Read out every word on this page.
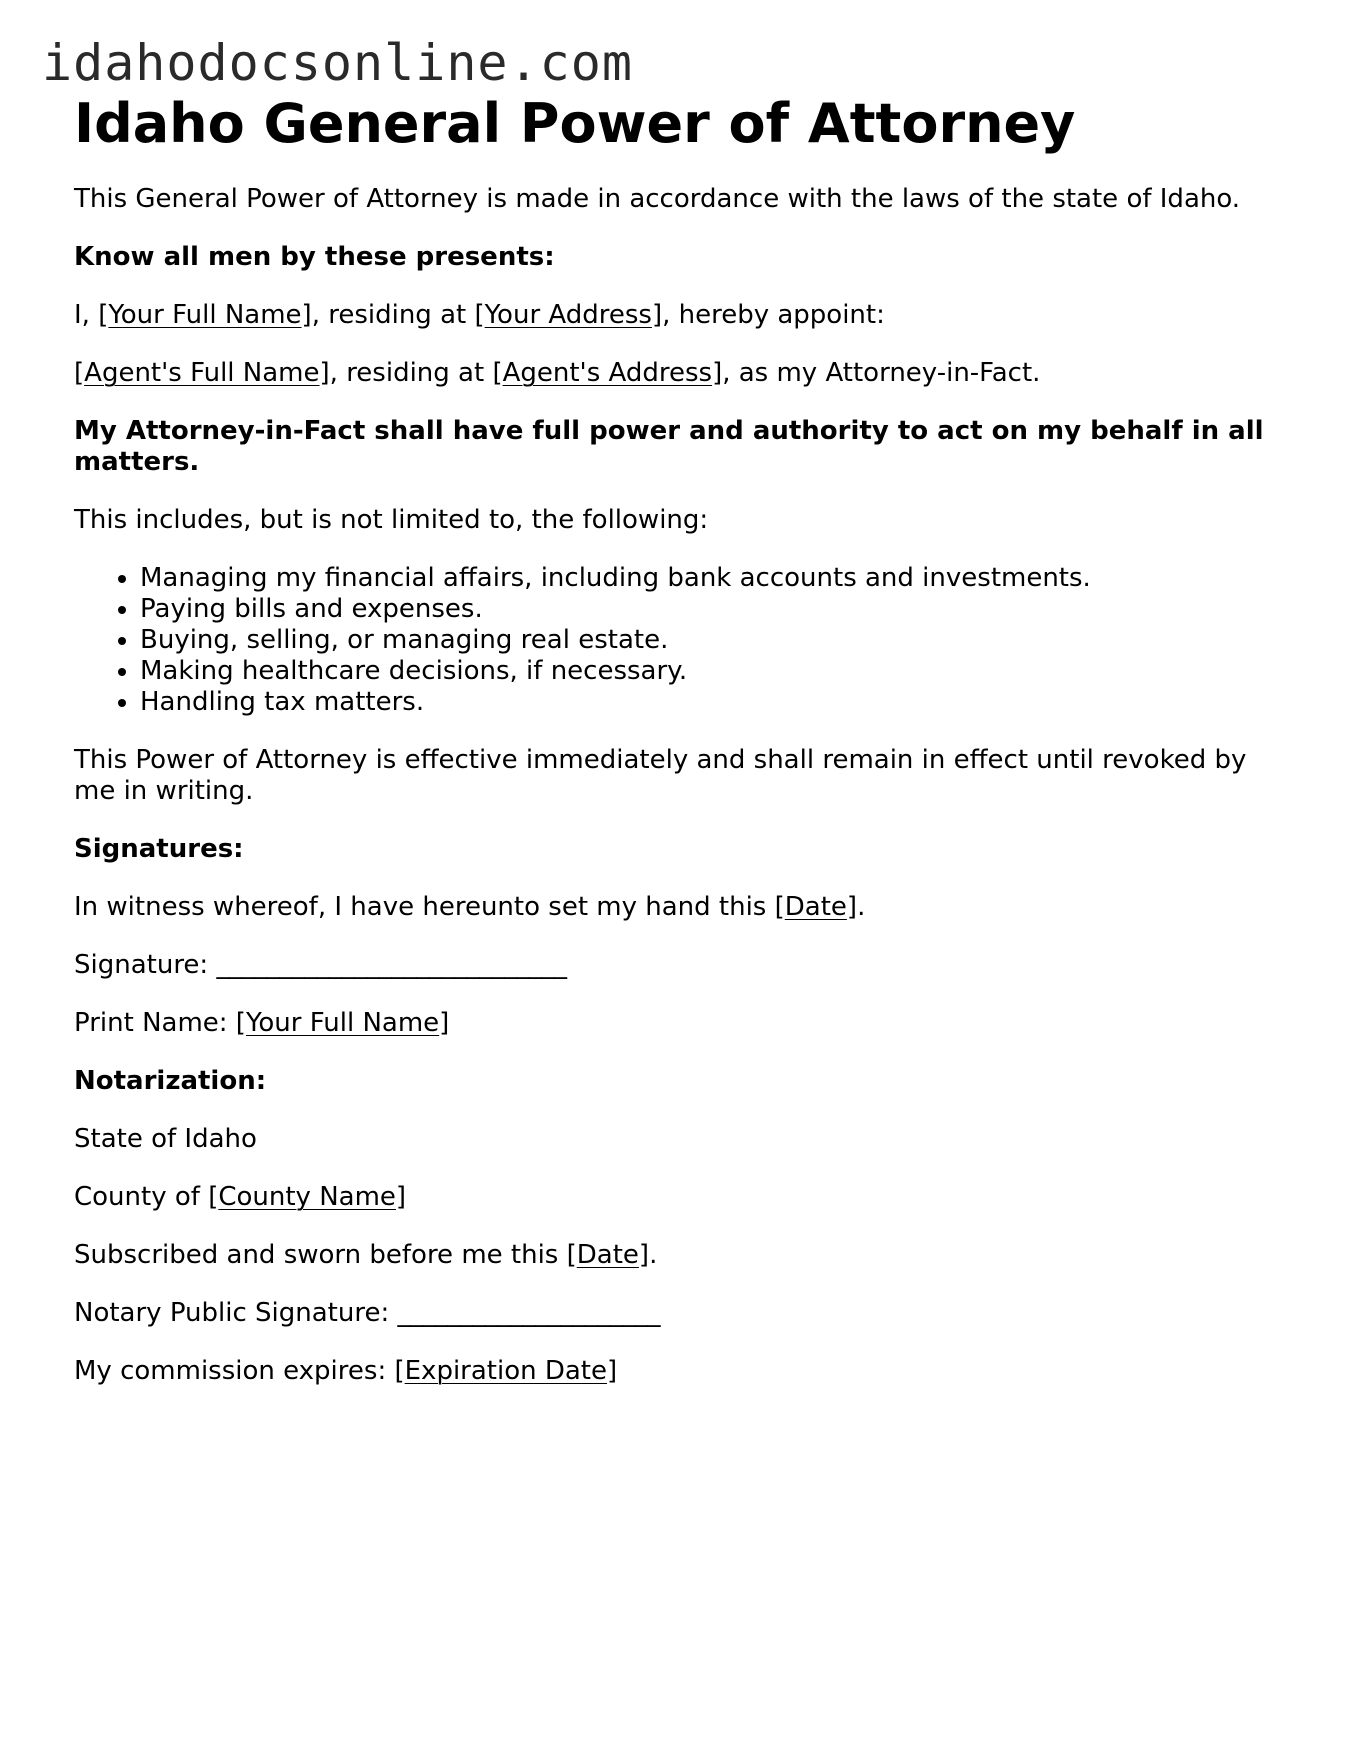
idahodocsonline.com
Idaho General Power of Attorney

This General Power of Attorney is made in accordance with the laws of the state of Idaho.

Know all men by these presents:

I, [Your Full Name], residing at [Your Address], hereby appoint:

[Agent's Full Name], residing at [Agent's Address], as my Attorney-in-Fact.

My Attorney-in-Fact shall have full power and authority to act on my behalf in all matters.

This includes, but is not limited to, the following:

• Managing my financial affairs, including bank accounts and investments.
• Paying bills and expenses.
• Buying, selling, or managing real estate.
• Making healthcare decisions, if necessary.
• Handling tax matters.

This Power of Attorney is effective immediately and shall remain in effect until revoked by me in writing.

Signatures:

In witness whereof, I have hereunto set my hand this [Date].

Signature: ____________________________

Print Name: [Your Full Name]

Notarization:

State of Idaho

County of [County Name]

Subscribed and sworn before me this [Date].

Notary Public Signature: _____________________

My commission expires: [Expiration Date]
